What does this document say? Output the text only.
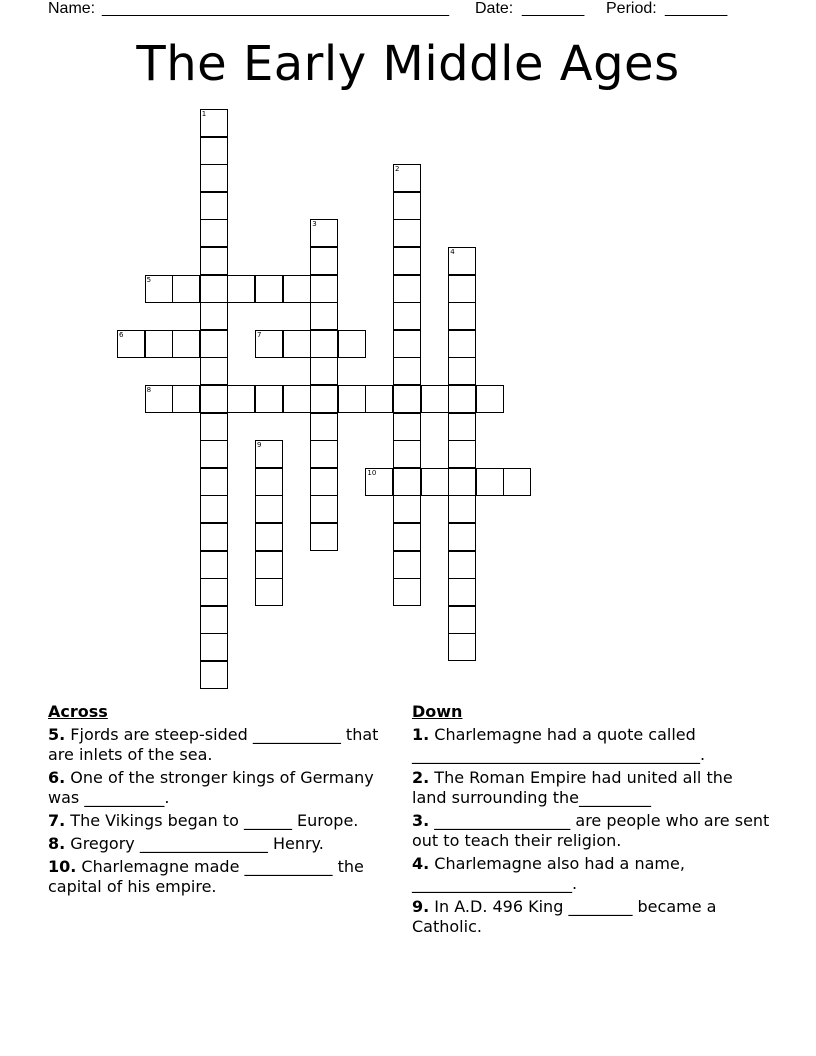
Name: _______________________________________ Date: _______ Period: _______
The Early Middle Ages
1
2
3
4
5
6	7
8
9
10
Across
5. Fjords are steep-sided ___________ that are inlets of the sea.
6. One of the stronger kings of Germany was __________.
7. The Vikings began to ______ Europe.
8. Gregory ________________ Henry.
10. Charlemagne made ___________ the capital of his empire.
Down
1. Charlemagne had a quote called ____________________________________.
2. The Roman Empire had united all the land surrounding the_________
3. _________________ are people who are sent out to teach their religion.
4. Charlemagne also had a name, ____________________.
9. In A.D. 496 King ________ became a Catholic.
